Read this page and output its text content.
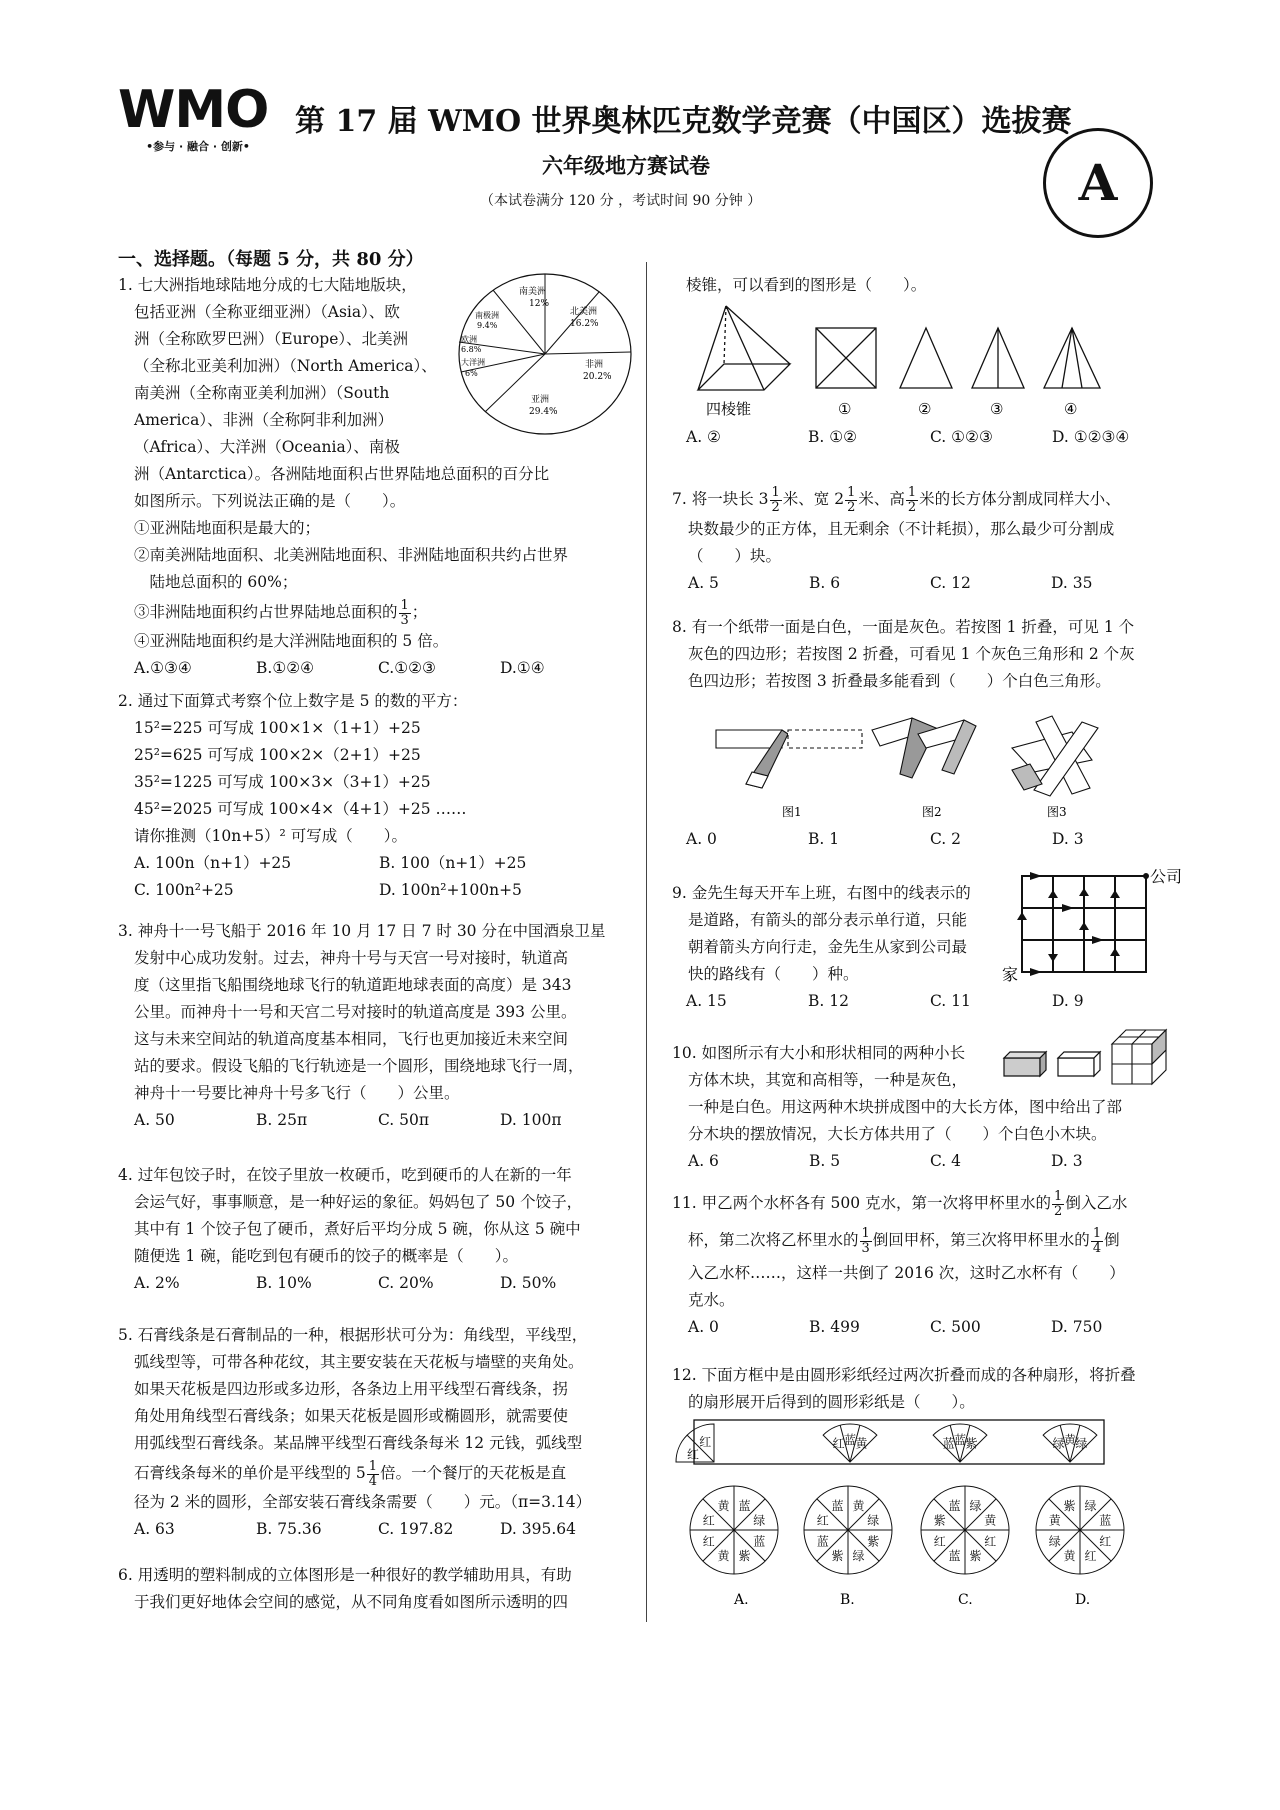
WMO
•参与 · 融合 · 创新•
第 17 届 WMO 世界奥林匹克数学竞赛（中国区）选拔赛
六年级地方赛试卷
（本试卷满分 120 分 ，考试时间 90 分钟 ）	A
一、选择题。（每题 5 分，共 80 分）
1. 七大洲指地球陆地分成的七大陆地版块，
包括亚洲（全称亚细亚洲）（Asia）、欧
洲（全称欧罗巴洲）（Europe）、北美洲
（全称北亚美利加洲）（North America）、
南美洲（全称南亚美利加洲）（South
America）、非洲（全称阿非利加洲）
（Africa）、大洋洲（Oceania）、南极
洲（Antarctica）。各洲陆地面积占世界陆地总面积的百分比
如图所示。下列说法正确的是（　　）。
①亚洲陆地面积是最大的；
②南美洲陆地面积、北美洲陆地面积、非洲陆地面积共约占世界
　陆地总面积的 60%；
③非洲陆地面积约占世界陆地总面积的 $\frac{1}{3}$ ；
④亚洲陆地面积约是大洋洲陆地面积的 5 倍。
A.①③④	B.①②④	C.①②③	D.①④
南美洲
12%
北美洲
16.2%
非洲
20.2%
亚洲
29.4%
大洋洲
6%
欧洲
6.8%
南极洲
9.4%
2. 通过下面算式考察个位上数字是 5 的数的平方：
15²=225 可写成 100×1×（1+1）+25
25²=625 可写成 100×2×（2+1）+25
35²=1225 可写成 100×3×（3+1）+25
45²=2025 可写成 100×4×（4+1）+25 ……
请你推测（10n+5）² 可写成（　　）。
A. 100n（n+1）+25	B. 100（n+1）+25
C. 100n²+25	D. 100n²+100n+5
3. 神舟十一号飞船于 2016 年 10 月 17 日 7 时 30 分在中国酒泉卫星
发射中心成功发射。过去，神舟十号与天宫一号对接时，轨道高
度（这里指飞船围绕地球飞行的轨道距地球表面的高度）是 343
公里。而神舟十一号和天宫二号对接时的轨道高度是 393 公里。
这与未来空间站的轨道高度基本相同，飞行也更加接近未来空间
站的要求。假设飞船的飞行轨迹是一个圆形，围绕地球飞行一周，
神舟十一号要比神舟十号多飞行（　　）公里。
A. 50	B. 25π	C. 50π	D. 100π
4. 过年包饺子时，在饺子里放一枚硬币，吃到硬币的人在新的一年
会运气好，事事顺意，是一种好运的象征。妈妈包了 50 个饺子，
其中有 1 个饺子包了硬币，煮好后平均分成 5 碗，你从这 5 碗中
随便选 1 碗，能吃到包有硬币的饺子的概率是（　　）。
A. 2%	B. 10%	C. 20%	D. 50%
5. 石膏线条是石膏制品的一种，根据形状可分为：角线型，平线型，
弧线型等，可带各种花纹，其主要安装在天花板与墙壁的夹角处。
如果天花板是四边形或多边形，各条边上用平线型石膏线条，拐
角处用角线型石膏线条；如果天花板是圆形或椭圆形，就需要使
用弧线型石膏线条。某品牌平线型石膏线条每米 12 元钱，弧线型
石膏线条每米的单价是平线型的 $5 \frac{1}{4}$ 倍。一个餐厅的天花板是直
径为 2 米的圆形，全部安装石膏线条需要（　　）元。（π=3.14）
A. 63	B. 75.36	C. 197.82	D. 395.64
6. 用透明的塑料制成的立体图形是一种很好的教学辅助用具，有助
于我们更好地体会空间的感觉，从不同角度看如图所示透明的四
棱锥，可以看到的图形是（　　）。
四棱锥	①	②	③	④
A. ②	B. ①②	C. ①②③	D. ①②③④
7. 将一块长 $3 \frac{1}{2}$ 米、宽 $2 \frac{1}{2}$ 米、高 $\frac{1}{2}$ 米的长方体分割成同样大小、
块数最少的正方体，且无剩余（不计耗损），那么最少可分割成
（　　）块。
A. 5	B. 6	C. 12	D. 35
8. 有一个纸带一面是白色，一面是灰色。若按图 1 折叠，可见 1 个
灰色的四边形；若按图 2 折叠，可看见 1 个灰色三角形和 2 个灰
色四边形；若按图 3 折叠最多能看到（　　）个白色三角形。
图1	图2	图3
A. 0	B. 1	C. 2	D. 3
9. 金先生每天开车上班，右图中的线表示的
是道路，有箭头的部分表示单行道，只能
朝着箭头方向行走，金先生从家到公司最
快的路线有（　　）种。
公司
家
A. 15	B. 12	C. 11	D. 9
10. 如图所示有大小和形状相同的两种小长
方体木块，其宽和高相等，一种是灰色，
一种是白色。用这两种木块拼成图中的大长方体，图中给出了部
分木块的摆放情况，大长方体共用了（　　）个白色小木块。
A. 6	B. 5	C. 4	D. 3
11. 甲乙两个水杯各有 500 克水，第一次将甲杯里水的 $\frac{1}{2}$ 倒入乙水
杯，第二次将乙杯里水的 $\frac{1}{3}$ 倒回甲杯，第三次将甲杯里水的 $\frac{1}{4}$ 倒
入乙水杯……，这样一共倒了 2016 次，这时乙水杯有（　　）
克水。
A. 0	B. 499	C. 500	D. 750
12. 下面方框中是由圆形彩纸经过两次折叠而成的各种扇形，将折叠
的扇形展开后得到的圆形彩纸是（　　）。
红
红	红 蓝 黄	蓝 蓝 紫	绿 黄 绿
蓝
绿
蓝
紫
黄
红
红
黄	黄
绿
紫
绿
紫
蓝
红
蓝	绿
黄
红
紫
蓝
红
紫
蓝	绿
蓝
红
红
黄
绿
黄
紫
A.	B.	C.	D.
